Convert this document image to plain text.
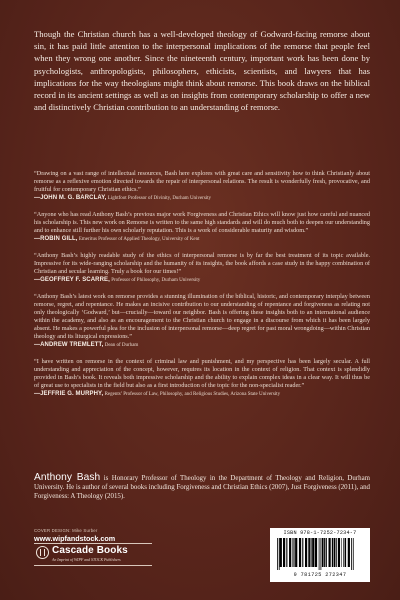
Though the Christian church has a well-developed theology of Godward-facing remorse about sin, it has paid little attention to the interpersonal implications of the remorse that people feel when they wrong one another. Since the nineteenth century, important work has been done by psychologists, anthropologists, philosophers, ethicists, scientists, and lawyers that has implications for the way theologians might think about remorse. This book draws on the biblical record in its ancient settings as well as on insights from contemporary scholarship to offer a new and distinctively Christian contribution to an understanding of remorse.

“Drawing on a vast range of intellectual resources, Bash here explores with great care and sensitivity how to think Christianly about remorse as a reflexive emotion directed towards the repair of interpersonal relations. The result is wonderfully fresh, provocative, and fruitful for contemporary Christian ethics.”

—JOHN M. G. BARCLAY, Lightfoot Professor of Divinity, Durham University

“Anyone who has read Anthony Bash’s previous major work Forgiveness and Christian Ethics will know just how careful and nuanced his scholarship is. This new work on Remorse is written to the same high standards and will do much both to deepen our understanding and to enhance still further his own scholarly reputation. This is a work of considerable maturity and wisdom.”

—ROBIN GILL, Emeritus Professor of Applied Theology, University of Kent

“Anthony Bash’s highly readable study of the ethics of interpersonal remorse is by far the best treatment of its topic available. Impressive for its wide-ranging scholarship and the humanity of its insights, the book affords a case study in the happy combination of Christian and secular learning. Truly a book for our times!”

—GEOFFREY F. SCARRE, Professor of Philosophy, Durham University

“Anthony Bash’s latest work on remorse provides a stunning illumination of the biblical, historic, and contemporary interplay between remorse, regret, and repentance. He makes an incisive contribution to our understanding of repentance and forgiveness as relating not only theologically ‘Godward,’ but—crucially—toward our neighbor. Bash is offering these insights both to an international audience within the academy, and also as an encouragement to the Christian church to engage in a discourse from which it has been largely absent. He makes a powerful plea for the inclusion of interpersonal remorse—deep regret for past moral wrongdoing—within Christian theology and its liturgical expressions.”

—ANDREW TREMLETT, Dean of Durham

“I have written on remorse in the context of criminal law and punishment, and my perspective has been largely secular. A full understanding and appreciation of the concept, however, requires its location in the context of religion. That context is splendidly provided in Bash’s book. It reveals both impressive scholarship and the ability to explain complex ideas in a clear way. It will thus be of great use to specialists in the field but also as a first introduction of the topic for the non-specialist reader.”

—JEFFRIE G. MURPHY, Regents’ Professor of Law, Philosophy, and Religious Studies, Arizona State University

Anthony Bash is Honorary Professor of Theology in the Department of Theology and Religion, Durham University. He is author of several books including Forgiveness and Christian Ethics (2007), Just Forgiveness (2011), and Forgiveness: A Theology (2015).

COVER DESIGN: Mike Surber
www.wipfandstock.com
Cascade Books
An Imprint of WIPF and STOCK Publishers
ISBN 978-1-7252-7234-7
9 781725 272347
